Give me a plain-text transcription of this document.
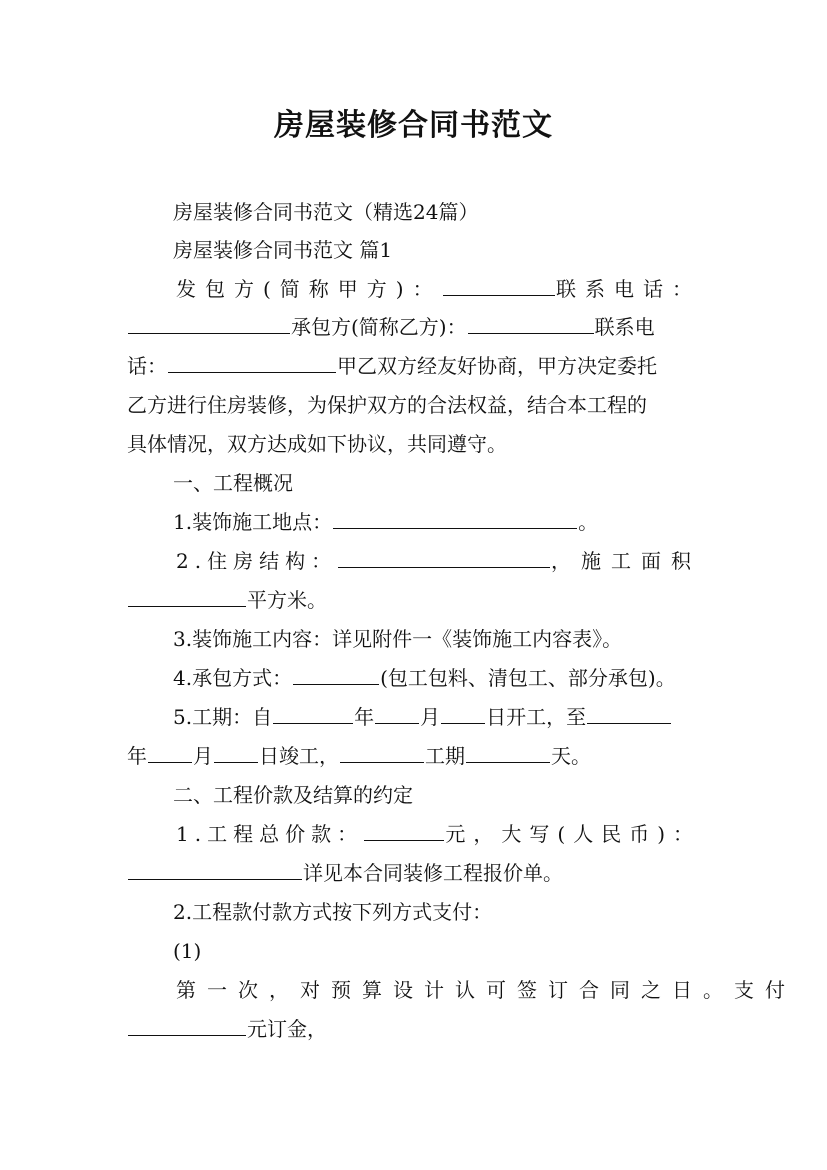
房屋装修合同书范文
房屋装修合同书范文（精选24篇）
房屋装修合同书范文 篇1
发包方(简称甲方)：	联系电话：
承包方(简称乙方)：	联系电
话：	甲乙双方经友好协商，甲方决定委托
乙方进行住房装修，为保护双方的合法权益，结合本工程的
具体情况，双方达成如下协议，共同遵守。
一、工程概况
1.装饰施工地点：	。
2.住房结构：	，施工面积
平方米。
3.装饰施工内容：详见附件一《装饰施工内容表》。
4.承包方式：	(包工包料、清包工、部分承包)。
5.工期：自	年 月 日开工，至
年 月 日竣工，	工期	天。
二、工程价款及结算的约定
1.工程总价款：	元，大写(人民币)：
详见本合同装修工程报价单。
2.工程款付款方式按下列方式支付：
(1)
第一次，对预算设计认可签订合同之日。支付
元订金，
